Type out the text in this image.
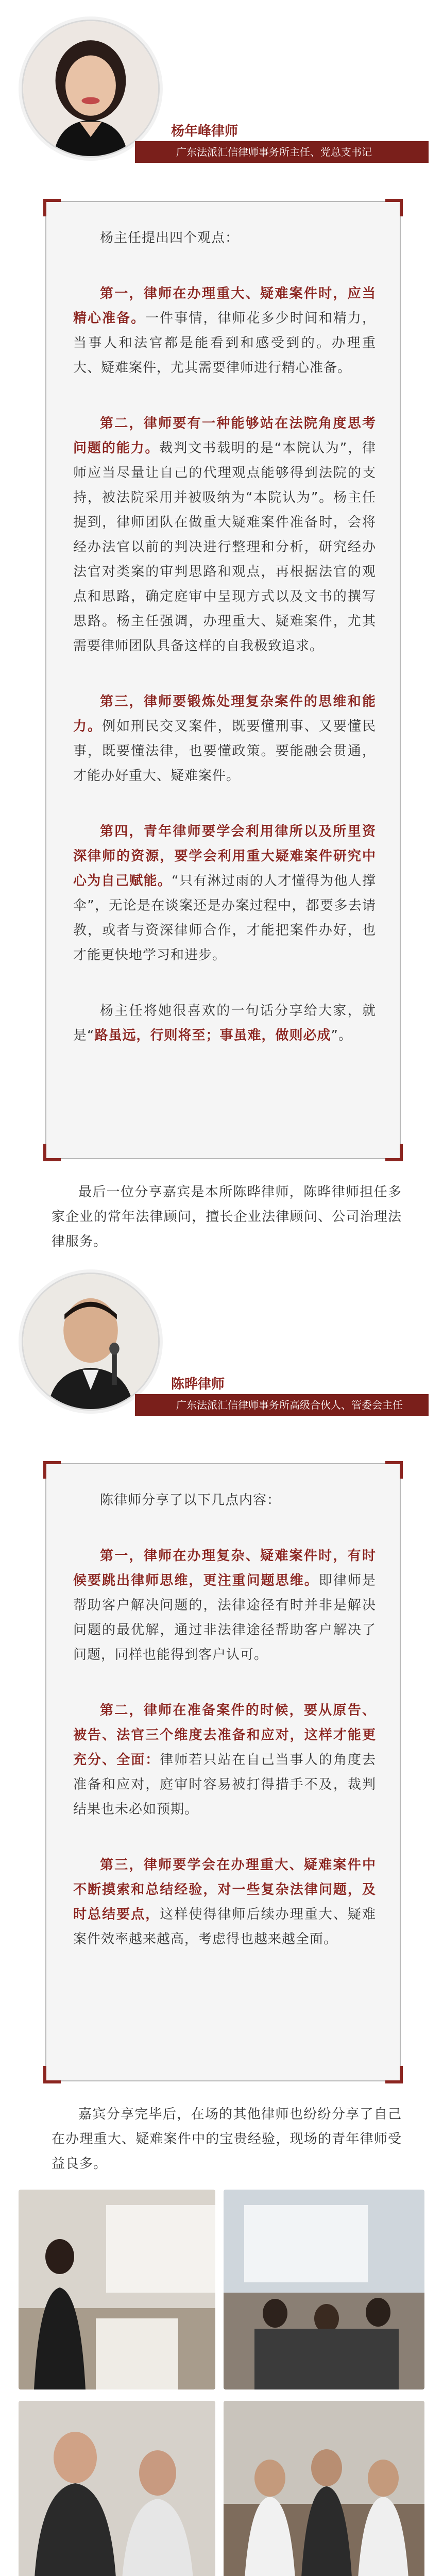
杨年峰律师
广东法派汇信律师事务所主任、党总支书记

杨主任提出四个观点：

第一，律师在办理重大、疑难案件时，应当精心准备。一件事情，律师花多少时间和精力，当事人和法官都是能看到和感受到的。办理重大、疑难案件，尤其需要律师进行精心准备。

第二，律师要有一种能够站在法院角度思考问题的能力。裁判文书载明的是“本院认为”，律师应当尽量让自己的代理观点能够得到法院的支持，被法院采用并被吸纳为“本院认为”。杨主任提到，律师团队在做重大疑难案件准备时，会将经办法官以前的判决进行整理和分析，研究经办法官对类案的审判思路和观点，再根据法官的观点和思路，确定庭审中呈现方式以及文书的撰写思路。杨主任强调，办理重大、疑难案件，尤其需要律师团队具备这样的自我极致追求。

第三，律师要锻炼处理复杂案件的思维和能力。例如刑民交叉案件，既要懂刑事、又要懂民事，既要懂法律，也要懂政策。要能融会贯通，才能办好重大、疑难案件。

第四，青年律师要学会利用律所以及所里资深律师的资源，要学会利用重大疑难案件研究中心为自己赋能。“只有淋过雨的人才懂得为他人撑伞”，无论是在谈案还是办案过程中，都要多去请教，或者与资深律师合作，才能把案件办好，也才能更快地学习和进步。

杨主任将她很喜欢的一句话分享给大家，就是“路虽远，行则将至；事虽难，做则必成”。

最后一位分享嘉宾是本所陈晔律师，陈晔律师担任多家企业的常年法律顾问，擅长企业法律顾问、公司治理法律服务。

陈晔律师
广东法派汇信律师事务所高级合伙人、管委会主任

陈律师分享了以下几点内容：

第一，律师在办理复杂、疑难案件时，有时候要跳出律师思维，更注重问题思维。即律师是帮助客户解决问题的，法律途径有时并非是解决问题的最优解，通过非法律途径帮助客户解决了问题，同样也能得到客户认可。

第二，律师在准备案件的时候，要从原告、被告、法官三个维度去准备和应对，这样才能更充分、全面：律师若只站在自己当事人的角度去准备和应对，庭审时容易被打得措手不及，裁判结果也未必如预期。

第三，律师要学会在办理重大、疑难案件中不断摸索和总结经验，对一些复杂法律问题，及时总结要点，这样使得律师后续办理重大、疑难案件效率越来越高，考虑得也越来越全面。

嘉宾分享完毕后，在场的其他律师也纷纷分享了自己在办理重大、疑难案件中的宝贵经验，现场的青年律师受益良多。
